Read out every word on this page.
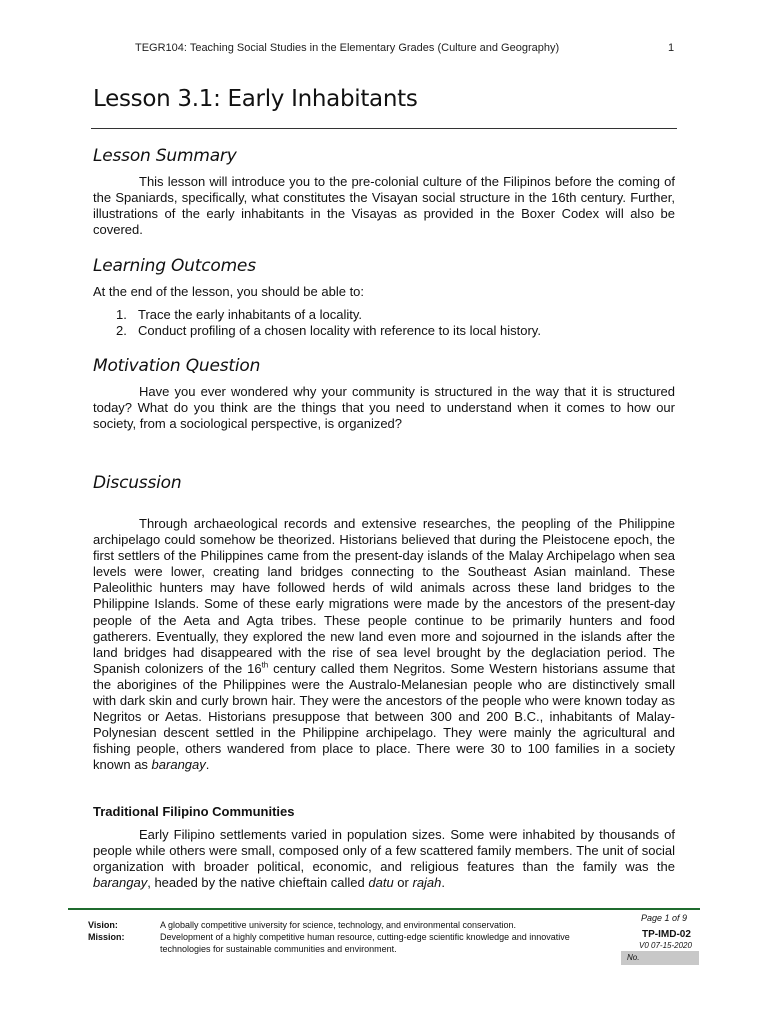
TEGR104: Teaching Social Studies in the Elementary Grades (Culture and Geography)	1
Lesson 3.1: Early Inhabitants
Lesson Summary
This lesson will introduce you to the pre-colonial culture of the Filipinos before the coming of the Spaniards, specifically, what constitutes the Visayan social structure in the 16th century. Further, illustrations of the early inhabitants in the Visayas as provided in the Boxer Codex will also be covered.
Learning Outcomes
At the end of the lesson, you should be able to:
1. Trace the early inhabitants of a locality.
2. Conduct profiling of a chosen locality with reference to its local history.
Motivation Question
Have you ever wondered why your community is structured in the way that it is structured today? What do you think are the things that you need to understand when it comes to how our society, from a sociological perspective, is organized?
Discussion
Through archaeological records and extensive researches, the peopling of the Philippine archipelago could somehow be theorized. Historians believed that during the Pleistocene epoch, the first settlers of the Philippines came from the present-day islands of the Malay Archipelago when sea levels were lower, creating land bridges connecting to the Southeast Asian mainland. These Paleolithic hunters may have followed herds of wild animals across these land bridges to the Philippine Islands. Some of these early migrations were made by the ancestors of the present-day people of the Aeta and Agta tribes. These people continue to be primarily hunters and food gatherers. Eventually, they explored the new land even more and sojourned in the islands after the land bridges had disappeared with the rise of sea level brought by the deglaciation period. The Spanish colonizers of the 16th century called them Negritos. Some Western historians assume that the aborigines of the Philippines were the Australo-Melanesian people who are distinctively small with dark skin and curly brown hair. They were the ancestors of the people who were known today as Negritos or Aetas. Historians presuppose that between 300 and 200 B.C., inhabitants of Malay-Polynesian descent settled in the Philippine archipelago. They were mainly the agricultural and fishing people, others wandered from place to place. There were 30 to 100 families in a society known as barangay.
Traditional Filipino Communities
Early Filipino settlements varied in population sizes. Some were inhabited by thousands of people while others were small, composed only of a few scattered family members. The unit of social organization with broader political, economic, and religious features than the family was the barangay, headed by the native chieftain called datu or rajah.
Vision:	A globally competitive university for science, technology, and environmental conservation.
Mission:	Development of a highly competitive human resource, cutting-edge scientific knowledge and innovative technologies for sustainable communities and environment.
Page 1 of 9
TP-IMD-02
V0 07-15-2020
No.
